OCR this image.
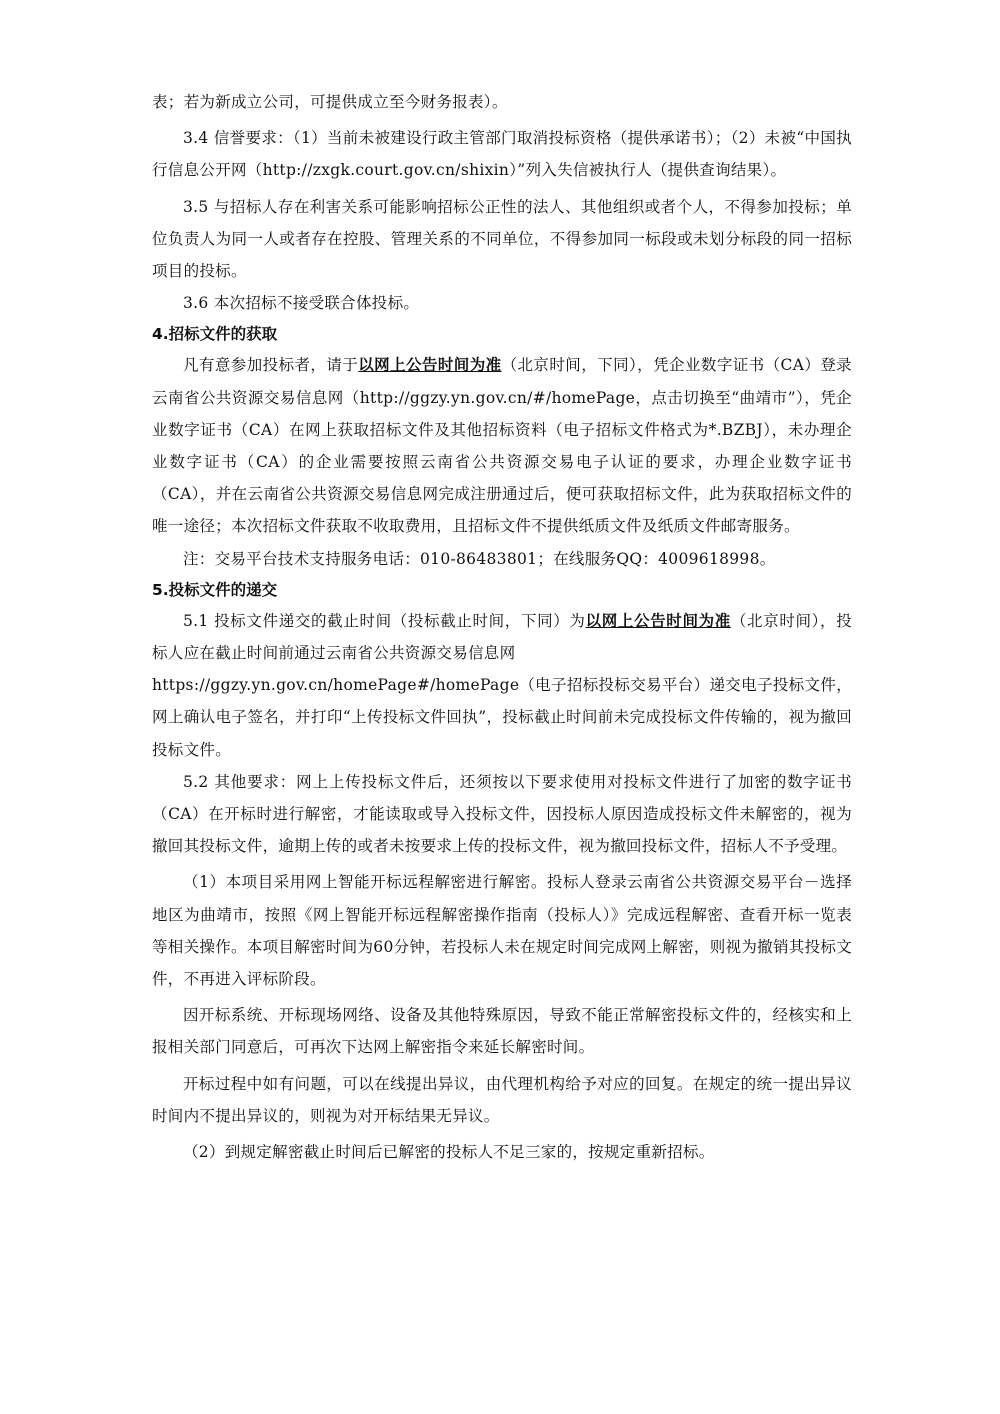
表；若为新成立公司，可提供成立至今财务报表）。

3.4 信誉要求：（1）当前未被建设行政主管部门取消投标资格（提供承诺书）；（2）未被“中国执行信息公开网（http://zxgk.court.gov.cn/shixin）”列入失信被执行人（提供查询结果）。

3.5 与招标人存在利害关系可能影响招标公正性的法人、其他组织或者个人，不得参加投标；单位负责人为同一人或者存在控股、管理关系的不同单位，不得参加同一标段或未划分标段的同一招标项目的投标。

3.6 本次招标不接受联合体投标。

4.招标文件的获取

凡有意参加投标者，请于以网上公告时间为准（北京时间，下同），凭企业数字证书（CA）登录云南省公共资源交易信息网（http://ggzy.yn.gov.cn/#/homePage，点击切换至“曲靖市”），凭企业数字证书（CA）在网上获取招标文件及其他招标资料（电子招标文件格式为*.BZBJ），未办理企业数字证书（CA）的企业需要按照云南省公共资源交易电子认证的要求，办理企业数字证书（CA），并在云南省公共资源交易信息网完成注册通过后，便可获取招标文件，此为获取招标文件的唯一途径；本次招标文件获取不收取费用，且招标文件不提供纸质文件及纸质文件邮寄服务。

注：交易平台技术支持服务电话：010-86483801；在线服务QQ：4009618998。

5.投标文件的递交

5.1 投标文件递交的截止时间（投标截止时间，下同）为以网上公告时间为准（北京时间），投标人应在截止时间前通过云南省公共资源交易信息网

https://ggzy.yn.gov.cn/homePage#/homePage（电子招标投标交易平台）递交电子投标文件，网上确认电子签名，并打印“上传投标文件回执”，投标截止时间前未完成投标文件传输的，视为撤回投标文件。

5.2 其他要求：网上上传投标文件后，还须按以下要求使用对投标文件进行了加密的数字证书（CA）在开标时进行解密，才能读取或导入投标文件，因投标人原因造成投标文件未解密的，视为撤回其投标文件，逾期上传的或者未按要求上传的投标文件，视为撤回投标文件，招标人不予受理。

（1）本项目采用网上智能开标远程解密进行解密。投标人登录云南省公共资源交易平台－选择地区为曲靖市，按照《网上智能开标远程解密操作指南（投标人）》完成远程解密、查看开标一览表等相关操作。本项目解密时间为60分钟，若投标人未在规定时间完成网上解密，则视为撤销其投标文件，不再进入评标阶段。

因开标系统、开标现场网络、设备及其他特殊原因，导致不能正常解密投标文件的，经核实和上报相关部门同意后，可再次下达网上解密指令来延长解密时间。

开标过程中如有问题，可以在线提出异议，由代理机构给予对应的回复。在规定的统一提出异议时间内不提出异议的，则视为对开标结果无异议。

（2）到规定解密截止时间后已解密的投标人不足三家的，按规定重新招标。
